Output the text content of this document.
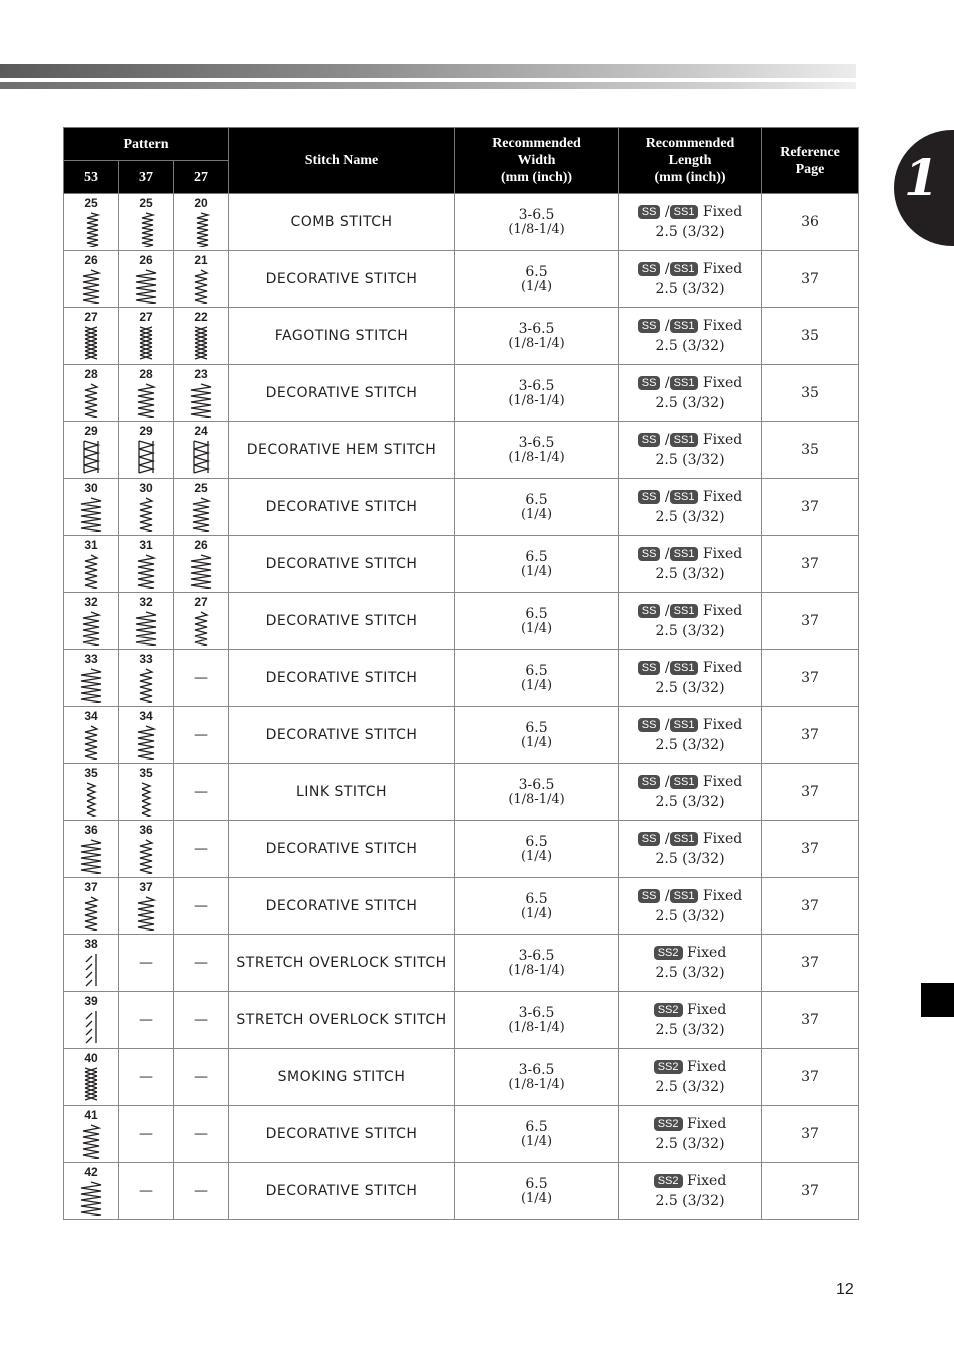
1
Pattern			Stitch Name	Recommended
Width
(mm (inch))	Recommended
Length
(mm (inch))	Reference
Page
53	37	27				

25	25	20	COMB STITCH	3-6.5
(1/8-1/4)	SS / SS1 Fixed
2.5 (3/32)	36

26	26	21	DECORATIVE STITCH	6.5
(1/4)	SS / SS1 Fixed
2.5 (3/32)	37

27	27	22	FAGOTING STITCH	3-6.5
(1/8-1/4)	SS / SS1 Fixed
2.5 (3/32)	35

28	28	23	DECORATIVE STITCH	3-6.5
(1/8-1/4)	SS / SS1 Fixed
2.5 (3/32)	35

29	29	24	DECORATIVE HEM STITCH	3-6.5
(1/8-1/4)	SS / SS1 Fixed
2.5 (3/32)	35

30	30	25	DECORATIVE STITCH	6.5
(1/4)	SS / SS1 Fixed
2.5 (3/32)	37

31	31	26	DECORATIVE STITCH	6.5
(1/4)	SS / SS1 Fixed
2.5 (3/32)	37

32	32	27	DECORATIVE STITCH	6.5
(1/4)	SS / SS1 Fixed
2.5 (3/32)	37

33	33	—	DECORATIVE STITCH	6.5
(1/4)	SS / SS1 Fixed
2.5 (3/32)	37

34	34	—	DECORATIVE STITCH	6.5
(1/4)	SS / SS1 Fixed
2.5 (3/32)	37

35	35	—	LINK STITCH	3-6.5
(1/8-1/4)	SS / SS1 Fixed
2.5 (3/32)	37

36	36	—	DECORATIVE STITCH	6.5
(1/4)	SS / SS1 Fixed
2.5 (3/32)	37

37	37	—	DECORATIVE STITCH	6.5
(1/4)	SS / SS1 Fixed
2.5 (3/32)	37

38	—	—	STRETCH OVERLOCK STITCH	3-6.5
(1/8-1/4)	SS2 Fixed
2.5 (3/32)	37

39	—	—	STRETCH OVERLOCK STITCH	3-6.5
(1/8-1/4)	SS2 Fixed
2.5 (3/32)	37

40	—	—	SMOKING STITCH	3-6.5
(1/8-1/4)	SS2 Fixed
2.5 (3/32)	37

41	—	—	DECORATIVE STITCH	6.5
(1/4)	SS2 Fixed
2.5 (3/32)	37

42	—	—	DECORATIVE STITCH	6.5
(1/4)	SS2 Fixed
2.5 (3/32)	37
12
